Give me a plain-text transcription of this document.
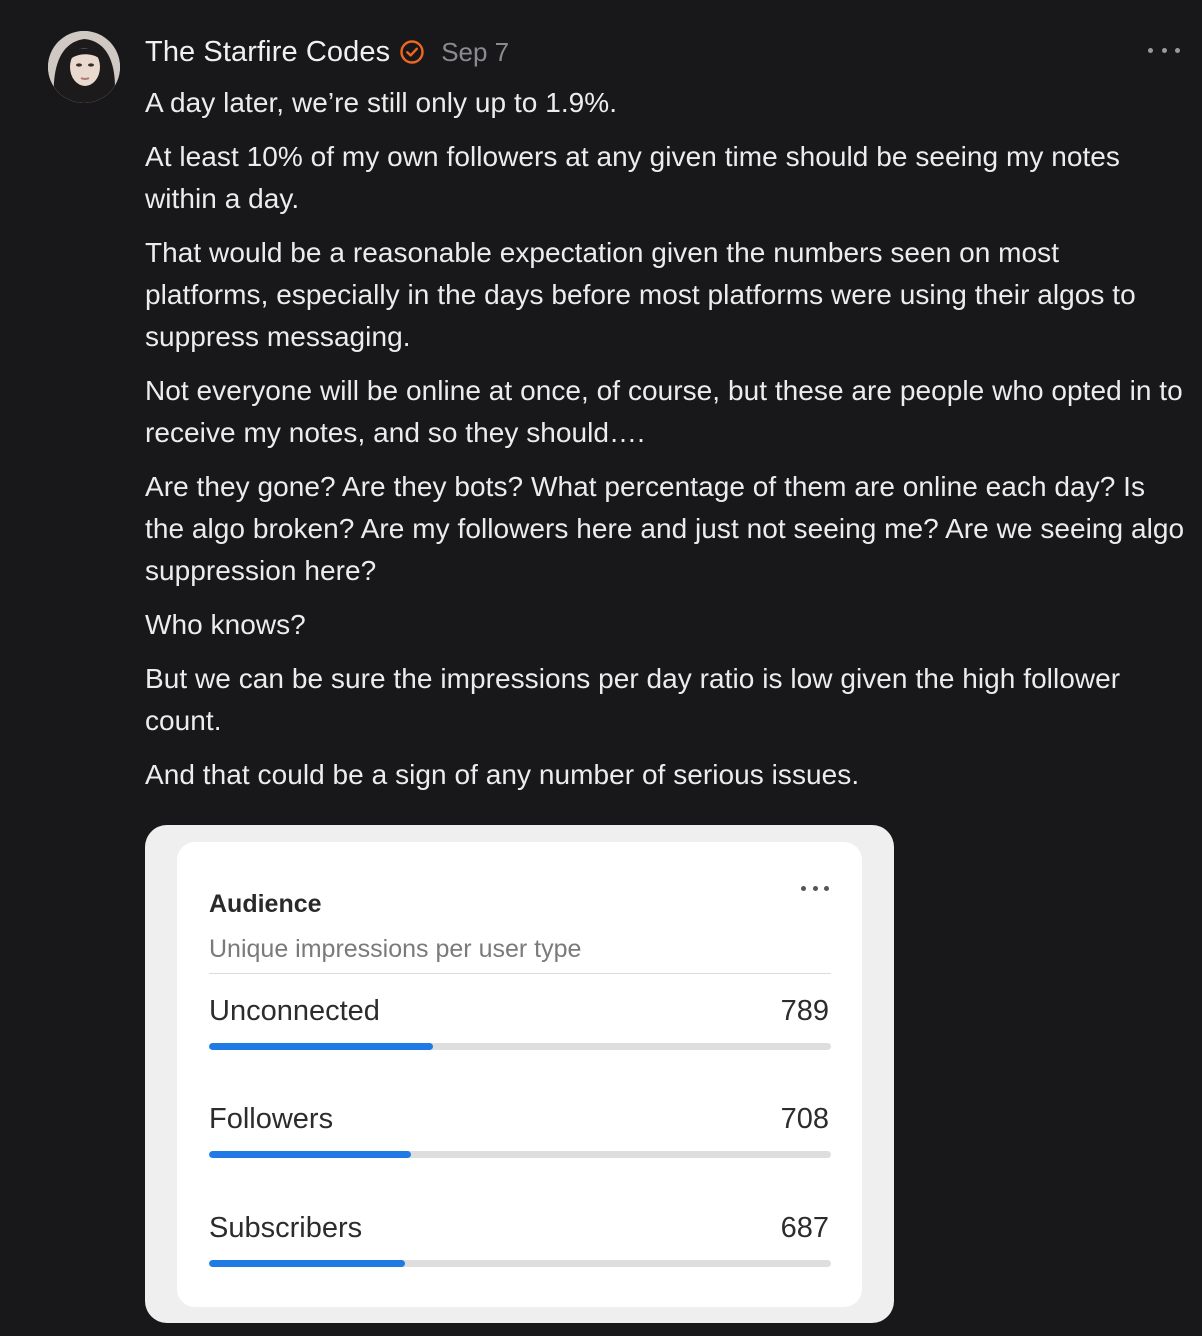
The Starfire Codes Sep 7

A day later, we’re still only up to 1.9%.

At least 10% of my own followers at any given time should be seeing my notes within a day.

That would be a reasonable expectation given the numbers seen on most platforms, especially in the days before most platforms were using their algos to suppress messaging.

Not everyone will be online at once, of course, but these are people who opted in to receive my notes, and so they should….

Are they gone? Are they bots? What percentage of them are online each day? Is the algo broken? Are my followers here and just not seeing me? Are we seeing algo suppression here?

Who knows?

But we can be sure the impressions per day ratio is low given the high follower count.

And that could be a sign of any number of serious issues.

Audience
Unique impressions per user type
Unconnected	789
Followers	708
Subscribers	687
